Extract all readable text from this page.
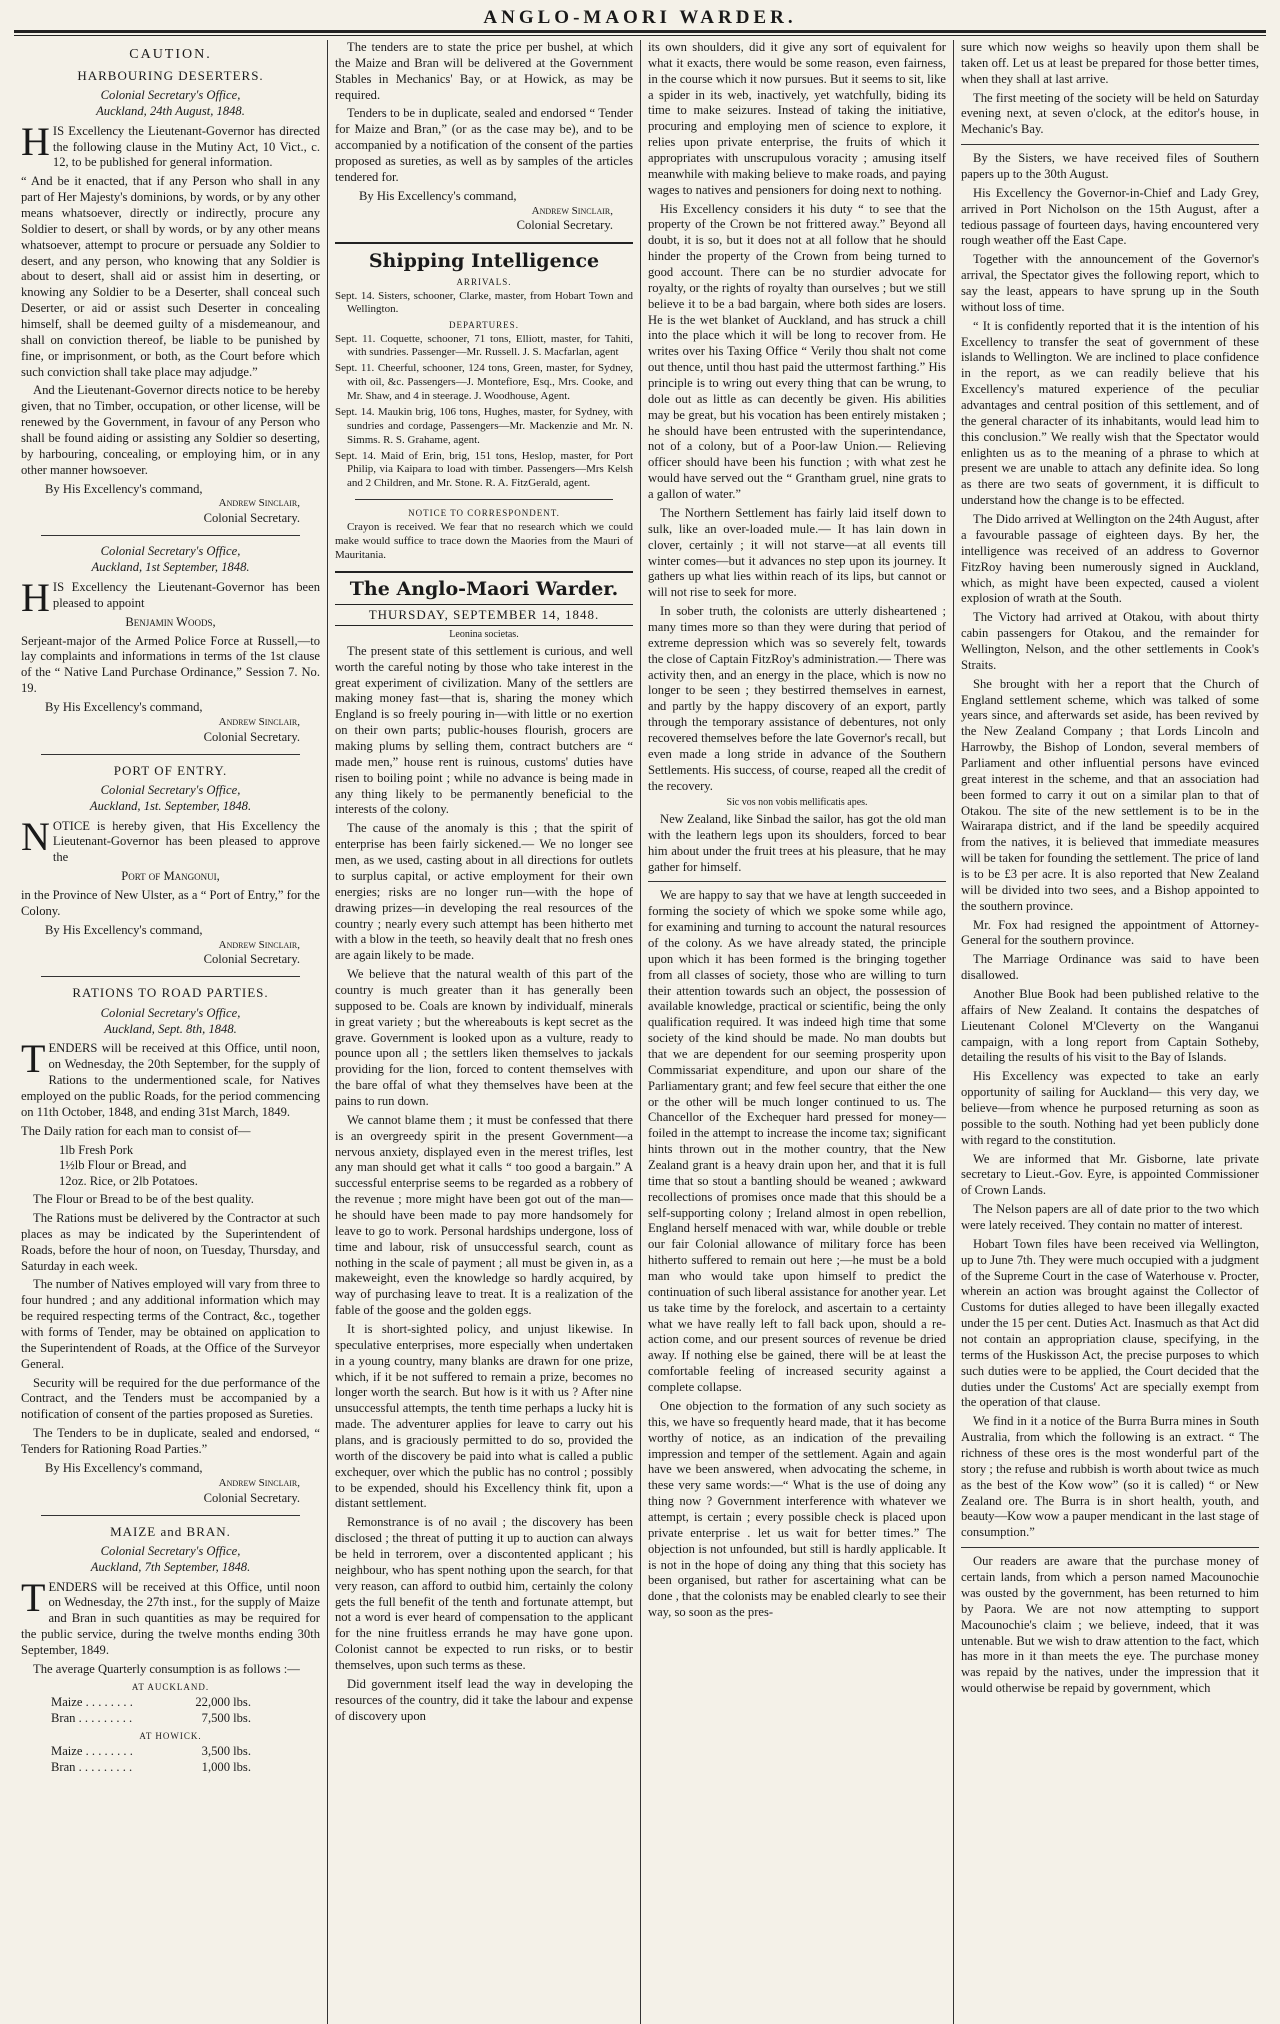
ANGLO-MAORI WARDER.
CAUTION.
HARBOURING DESERTERS.
Colonial Secretary's Office,
Auckland, 24th August, 1848.

HIS Excellency the Lieutenant-Governor has directed the following clause in the Mutiny Act, 10 Vict., c. 12, to be published for general information.

“ And be it enacted, that if any Person who shall in any part of Her Majesty's dominions, by words, or by any other means whatsoever, directly or indirectly, procure any Soldier to desert, or shall by words, or by any other means whatsoever, attempt to procure or persuade any Soldier to desert, and any person, who knowing that any Soldier is about to desert, shall aid or assist him in deserting, or knowing any Soldier to be a Deserter, shall conceal such Deserter, or aid or assist such Deserter in concealing himself, shall be deemed guilty of a misdemeanour, and shall on conviction thereof, be liable to be punished by fine, or imprisonment, or both, as the Court before which such conviction shall take place may adjudge.”

And the Lieutenant-Governor directs notice to be hereby given, that no Timber, occupation, or other license, will be renewed by the Government, in favour of any Person who shall be found aiding or assisting any Soldier so deserting, by harbouring, concealing, or employing him, or in any other manner howsoever.

By His Excellency's command,

Andrew Sinclair,

Colonial Secretary.

Colonial Secretary's Office,
Auckland, 1st September, 1848.

HIS Excellency the Lieutenant-Governor has been pleased to appoint

Benjamin Woods,

Serjeant-major of the Armed Police Force at Russell,—to lay complaints and informations in terms of the 1st clause of the “ Native Land Purchase Ordinance,” Session 7. No. 19.

By His Excellency's command,

Andrew Sinclair,

Colonial Secretary.

PORT OF ENTRY.
Colonial Secretary's Office,
Auckland, 1st. September, 1848.

NOTICE is hereby given, that His Excellency the Lieutenant-Governor has been pleased to approve the

Port of Mangonui,

in the Province of New Ulster, as a “ Port of Entry,” for the Colony.

By His Excellency's command,

Andrew Sinclair,

Colonial Secretary.

RATIONS TO ROAD PARTIES.
Colonial Secretary's Office,
Auckland, Sept. 8th, 1848.

TENDERS will be received at this Office, until noon, on Wednesday, the 20th September, for the supply of Rations to the undermentioned scale, for Natives employed on the public Roads, for the period commencing on 11th October, 1848, and ending 31st March, 1849.

The Daily ration for each man to consist of—

1lb Fresh Pork
1½lb Flour or Bread, and
12oz. Rice, or 2lb Potatoes.

The Flour or Bread to be of the best quality.

The Rations must be delivered by the Contractor at such places as may be indicated by the Superintendent of Roads, before the hour of noon, on Tuesday, Thursday, and Saturday in each week.

The number of Natives employed will vary from three to four hundred ; and any additional information which may be required respecting terms of the Contract, &c., together with forms of Tender, may be obtained on application to the Superintendent of Roads, at the Office of the Surveyor General.

Security will be required for the due performance of the Contract, and the Tenders must be accompanied by a notification of consent of the parties proposed as Sureties.

The Tenders to be in duplicate, sealed and endorsed, “ Tenders for Rationing Road Parties.”

By His Excellency's command,

Andrew Sinclair,

Colonial Secretary.

MAIZE and BRAN.
Colonial Secretary's Office,
Auckland, 7th September, 1848.

TENDERS will be received at this Office, until noon on Wednesday, the 27th inst., for the supply of Maize and Bran in such quantities as may be required for the public service, during the twelve months ending 30th September, 1849.

The average Quarterly consumption is as follows :—

AT AUCKLAND.
Maize . . . . . . . .	22,000 lbs.
Bran . . . . . . . . .	7,500 lbs.
AT HOWICK.
Maize . . . . . . . .	3,500 lbs.
Bran . . . . . . . . .	1,000 lbs.

The tenders are to state the price per bushel, at which the Maize and Bran will be delivered at the Government Stables in Mechanics' Bay, or at Howick, as may be required.

Tenders to be in duplicate, sealed and endorsed “ Tender for Maize and Bran,” (or as the case may be), and to be accompanied by a notification of the consent of the parties proposed as sureties, as well as by samples of the articles tendered for.

By His Excellency's command,

Andrew Sinclair,

Colonial Secretary.

Shipping Intelligence
ARRIVALS.

Sept. 14. Sisters, schooner, Clarke, master, from Hobart Town and Wellington.

DEPARTURES.

Sept. 11. Coquette, schooner, 71 tons, Elliott, master, for Tahiti, with sundries. Passenger—Mr. Russell. J. S. Macfarlan, agent

Sept. 11. Cheerful, schooner, 124 tons, Green, master, for Sydney, with oil, &c. Passengers—J. Montefiore, Esq., Mrs. Cooke, and Mr. Shaw, and 4 in steerage. J. Woodhouse, Agent.

Sept. 14. Maukin brig, 106 tons, Hughes, master, for Sydney, with sundries and cordage, Passengers—Mr. Mackenzie and Mr. N. Simms. R. S. Grahame, agent.

Sept. 14. Maid of Erin, brig, 151 tons, Heslop, master, for Port Philip, via Kaipara to load with timber. Passengers—Mrs Kelsh and 2 Children, and Mr. Stone. R. A. FitzGerald, agent.

NOTICE TO CORRESPONDENT.

Crayon is received. We fear that no research which we could make would suffice to trace down the Maories from the Mauri of Mauritania.

The Anglo-Maori Warder.
THURSDAY, SEPTEMBER 14, 1848.
Leonina societas.

The present state of this settlement is curious, and well worth the careful noting by those who take interest in the great experiment of civilization. Many of the settlers are making money fast—that is, sharing the money which England is so freely pouring in—with little or no exertion on their own parts; public-houses flourish, grocers are making plums by selling them, contract butchers are “ made men,” house rent is ruinous, customs' duties have risen to boiling point ; while no advance is being made in any thing likely to be permanently beneficial to the interests of the colony.

The cause of the anomaly is this ; that the spirit of enterprise has been fairly sickened.— We no longer see men, as we used, casting about in all directions for outlets to surplus capital, or active employment for their own energies; risks are no longer run—with the hope of drawing prizes—in developing the real resources of the country ; nearly every such attempt has been hitherto met with a blow in the teeth, so heavily dealt that no fresh ones are again likely to be made.

We believe that the natural wealth of this part of the country is much greater than it has generally been supposed to be. Coals are known by individualf, minerals in great variety ; but the whereabouts is kept secret as the grave. Government is looked upon as a vulture, ready to pounce upon all ; the settlers liken themselves to jackals providing for the lion, forced to content themselves with the bare offal of what they themselves have been at the pains to run down.

We cannot blame them ; it must be confessed that there is an overgreedy spirit in the present Government—a nervous anxiety, displayed even in the merest trifles, lest any man should get what it calls “ too good a bargain.” A successful enterprise seems to be regarded as a robbery of the revenue ; more might have been got out of the man—he should have been made to pay more handsomely for leave to go to work. Personal hardships undergone, loss of time and labour, risk of unsuccessful search, count as nothing in the scale of payment ; all must be given in, as a makeweight, even the knowledge so hardly acquired, by way of purchasing leave to treat. It is a realization of the fable of the goose and the golden eggs.

It is short-sighted policy, and unjust likewise. In speculative enterprises, more especially when undertaken in a young country, many blanks are drawn for one prize, which, if it be not suffered to remain a prize, becomes no longer worth the search. But how is it with us ? After nine unsuccessful attempts, the tenth time perhaps a lucky hit is made. The adventurer applies for leave to carry out his plans, and is graciously permitted to do so, provided the worth of the discovery be paid into what is called a public exchequer, over which the public has no control ; possibly to be expended, should his Excellency think fit, upon a distant settlement.

Remonstrance is of no avail ; the discovery has been disclosed ; the threat of putting it up to auction can always be held in terrorem, over a discontented applicant ; his neighbour, who has spent nothing upon the search, for that very reason, can afford to outbid him, certainly the colony gets the full benefit of the tenth and fortunate attempt, but not a word is ever heard of compensation to the applicant for the nine fruitless errands he may have gone upon. Colonist cannot be expected to run risks, or to bestir themselves, upon such terms as these.

Did government itself lead the way in developing the resources of the country, did it take the labour and expense of discovery upon

its own shoulders, did it give any sort of equivalent for what it exacts, there would be some reason, even fairness, in the course which it now pursues. But it seems to sit, like a spider in its web, inactively, yet watchfully, biding its time to make seizures. Instead of taking the initiative, procuring and employing men of science to explore, it relies upon private enterprise, the fruits of which it appropriates with unscrupulous voracity ; amusing itself meanwhile with making believe to make roads, and paying wages to natives and pensioners for doing next to nothing.

His Excellency considers it his duty “ to see that the property of the Crown be not frittered away.” Beyond all doubt, it is so, but it does not at all follow that he should hinder the property of the Crown from being turned to good account. There can be no sturdier advocate for royalty, or the rights of royalty than ourselves ; but we still believe it to be a bad bargain, where both sides are losers. He is the wet blanket of Auckland, and has struck a chill into the place which it will be long to recover from. He writes over his Taxing Office “ Verily thou shalt not come out thence, until thou hast paid the uttermost farthing.” His principle is to wring out every thing that can be wrung, to dole out as little as can decently be given. His abilities may be great, but his vocation has been entirely mistaken ; he should have been entrusted with the superintendance, not of a colony, but of a Poor-law Union.— Relieving officer should have been his function ; with what zest he would have served out the “ Grantham gruel, nine grats to a gallon of water.”

The Northern Settlement has fairly laid itself down to sulk, like an over-loaded mule.— It has lain down in clover, certainly ; it will not starve—at all events till winter comes—but it advances no step upon its journey. It gathers up what lies within reach of its lips, but cannot or will not rise to seek for more.

In sober truth, the colonists are utterly disheartened ; many times more so than they were during that period of extreme depression which was so severely felt, towards the close of Captain FitzRoy's administration.— There was activity then, and an energy in the place, which is now no longer to be seen ; they bestirred themselves in earnest, and partly by the happy discovery of an export, partly through the temporary assistance of debentures, not only recovered themselves before the late Governor's recall, but even made a long stride in advance of the Southern Settlements. His success, of course, reaped all the credit of the recovery.

Sic vos non vobis mellificatis apes.

New Zealand, like Sinbad the sailor, has got the old man with the leathern legs upon its shoulders, forced to bear him about under the fruit trees at his pleasure, that he may gather for himself.

We are happy to say that we have at length succeeded in forming the society of which we spoke some while ago, for examining and turning to account the natural resources of the colony. As we have already stated, the principle upon which it has been formed is the bringing together from all classes of society, those who are willing to turn their attention towards such an object, the possession of available knowledge, practical or scientific, being the only qualification required. It was indeed high time that some society of the kind should be made. No man doubts but that we are dependent for our seeming prosperity upon Commissariat expenditure, and upon our share of the Parliamentary grant; and few feel secure that either the one or the other will be much longer continued to us. The Chancellor of the Exchequer hard pressed for money— foiled in the attempt to increase the income tax; significant hints thrown out in the mother country, that the New Zealand grant is a heavy drain upon her, and that it is full time that so stout a bantling should be weaned ; awkward recollections of promises once made that this should be a self-supporting colony ; Ireland almost in open rebellion, England herself menaced with war, while double or treble our fair Colonial allowance of military force has been hitherto suffered to remain out here ;—he must be a bold man who would take upon himself to predict the continuation of such liberal assistance for another year. Let us take time by the forelock, and ascertain to a certainty what we have really left to fall back upon, should a re-action come, and our present sources of revenue be dried away. If nothing else be gained, there will be at least the comfortable feeling of increased security against a complete collapse.

One objection to the formation of any such society as this, we have so frequently heard made, that it has become worthy of notice, as an indication of the prevailing impression and temper of the settlement. Again and again have we been answered, when advocating the scheme, in these very same words:—“ What is the use of doing any thing now ? Government interference with whatever we attempt, is certain ; every possible check is placed upon private enterprise . let us wait for better times.” The objection is not unfounded, but still is hardly applicable. It is not in the hope of doing any thing that this society has been organised, but rather for ascertaining what can be done , that the colonists may be enabled clearly to see their way, so soon as the pres-

sure which now weighs so heavily upon them shall be taken off. Let us at least be prepared for those better times, when they shall at last arrive.

The first meeting of the society will be held on Saturday evening next, at seven o'clock, at the editor's house, in Mechanic's Bay.

By the Sisters, we have received files of Southern papers up to the 30th August.

His Excellency the Governor-in-Chief and Lady Grey, arrived in Port Nicholson on the 15th August, after a tedious passage of fourteen days, having encountered very rough weather off the East Cape.

Together with the announcement of the Governor's arrival, the Spectator gives the following report, which to say the least, appears to have sprung up in the South without loss of time.

“ It is confidently reported that it is the intention of his Excellency to transfer the seat of government of these islands to Wellington. We are inclined to place confidence in the report, as we can readily believe that his Excellency's matured experience of the peculiar advantages and central position of this settlement, and of the general character of its inhabitants, would lead him to this conclusion.” We really wish that the Spectator would enlighten us as to the meaning of a phrase to which at present we are unable to attach any definite idea. So long as there are two seats of government, it is difficult to understand how the change is to be effected.

The Dido arrived at Wellington on the 24th August, after a favourable passage of eighteen days. By her, the intelligence was received of an address to Governor FitzRoy having been numerously signed in Auckland, which, as might have been expected, caused a violent explosion of wrath at the South.

The Victory had arrived at Otakou, with about thirty cabin passengers for Otakou, and the remainder for Wellington, Nelson, and the other settlements in Cook's Straits.

She brought with her a report that the Church of England settlement scheme, which was talked of some years since, and afterwards set aside, has been revived by the New Zealand Company ; that Lords Lincoln and Harrowby, the Bishop of London, several members of Parliament and other influential persons have evinced great interest in the scheme, and that an association had been formed to carry it out on a similar plan to that of Otakou. The site of the new settlement is to be in the Wairarapa district, and if the land be speedily acquired from the natives, it is believed that immediate measures will be taken for founding the settlement. The price of land is to be £3 per acre. It is also reported that New Zealand will be divided into two sees, and a Bishop appointed to the southern province.

Mr. Fox had resigned the appointment of Attorney-General for the southern province.

The Marriage Ordinance was said to have been disallowed.

Another Blue Book had been published relative to the affairs of New Zealand. It contains the despatches of Lieutenant Colonel M'Cleverty on the Wanganui campaign, with a long report from Captain Sotheby, detailing the results of his visit to the Bay of Islands.

His Excellency was expected to take an early opportunity of sailing for Auckland— this very day, we believe—from whence he purposed returning as soon as possible to the south. Nothing had yet been publicly done with regard to the constitution.

We are informed that Mr. Gisborne, late private secretary to Lieut.-Gov. Eyre, is appointed Commissioner of Crown Lands.

The Nelson papers are all of date prior to the two which were lately received. They contain no matter of interest.

Hobart Town files have been received via Wellington, up to June 7th. They were much occupied with a judgment of the Supreme Court in the case of Waterhouse v. Procter, wherein an action was brought against the Collector of Customs for duties alleged to have been illegally exacted under the 15 per cent. Duties Act. Inasmuch as that Act did not contain an appropriation clause, specifying, in the terms of the Huskisson Act, the precise purposes to which such duties were to be applied, the Court decided that the duties under the Customs' Act are specially exempt from the operation of that clause.

We find in it a notice of the Burra Burra mines in South Australia, from which the following is an extract. “ The richness of these ores is the most wonderful part of the story ; the refuse and rubbish is worth about twice as much as the best of the Kow wow” (so it is called) “ or New Zealand ore. The Burra is in short health, youth, and beauty—Kow wow a pauper mendicant in the last stage of consumption.”

Our readers are aware that the purchase money of certain lands, from which a person named Macounochie was ousted by the government, has been returned to him by Paora. We are not now attempting to support Macounochie's claim ; we believe, indeed, that it was untenable. But we wish to draw attention to the fact, which has more in it than meets the eye. The purchase money was repaid by the natives, under the impression that it would otherwise be repaid by government, which
